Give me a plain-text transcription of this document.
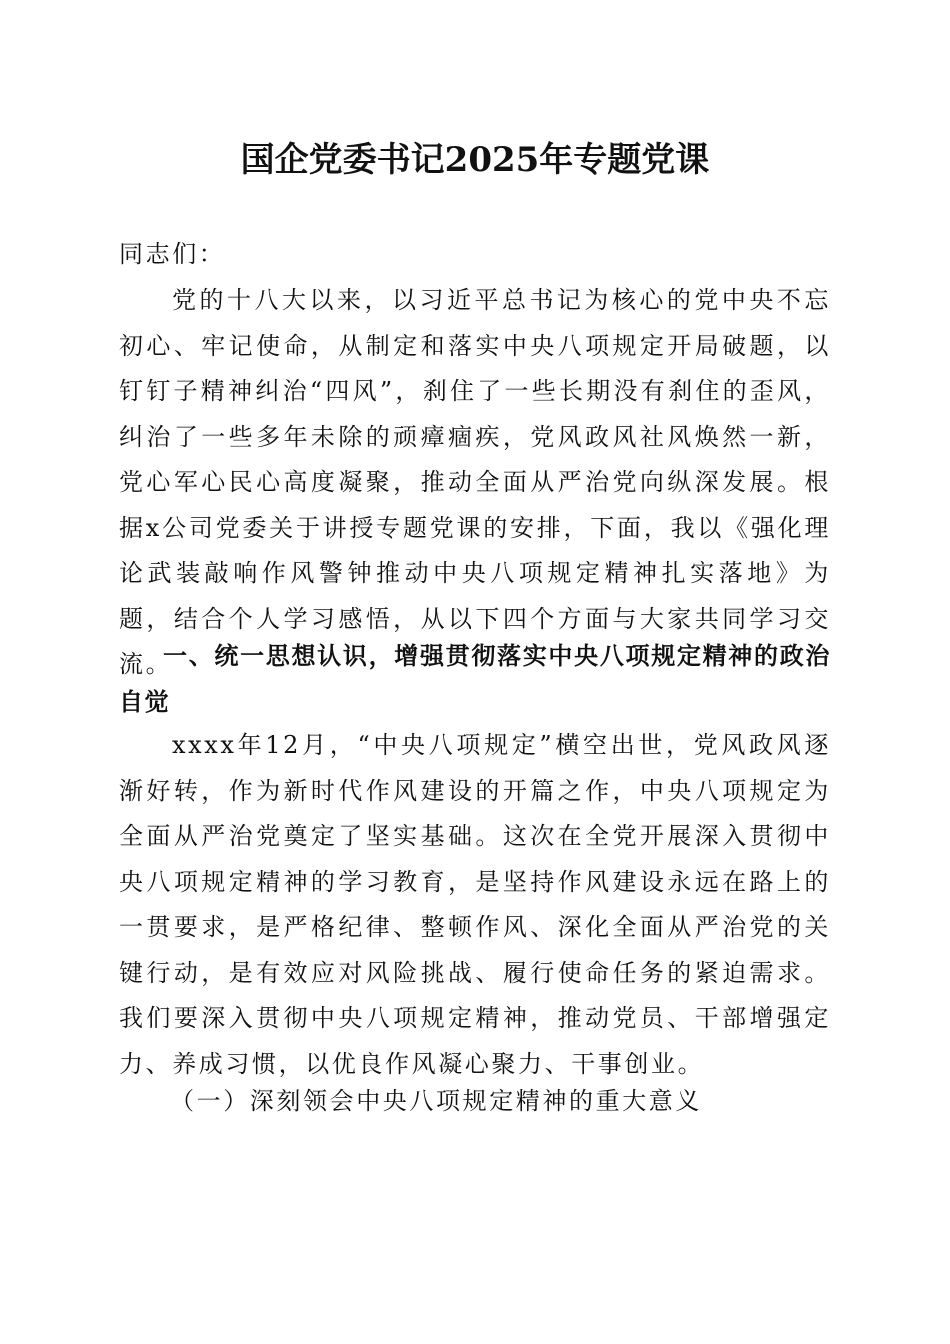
国企党委书记2025年专题党课

同志们：

党的十八大以来，以习近平总书记为核心的党中央不忘初心、牢记使命，从制定和落实中央八项规定开局破题，以钉钉子精神纠治“四风”，刹住了一些长期没有刹住的歪风，纠治了一些多年未除的顽瘴痼疾，党风政风社风焕然一新，党心军心民心高度凝聚，推动全面从严治党向纵深发展。根据x公司党委关于讲授专题党课的安排，下面，我以《强化理论武装敲响作风警钟推动中央八项规定精神扎实落地》为题，结合个人学习感悟，从以下四个方面与大家共同学习交流。

一、统一思想认识，增强贯彻落实中央八项规定精神的政治自觉

xxxx年12月，“中央八项规定”横空出世，党风政风逐渐好转，作为新时代作风建设的开篇之作，中央八项规定为全面从严治党奠定了坚实基础。这次在全党开展深入贯彻中央八项规定精神的学习教育，是坚持作风建设永远在路上的一贯要求，是严格纪律、整顿作风、深化全面从严治党的关键行动，是有效应对风险挑战、履行使命任务的紧迫需求。我们要深入贯彻中央八项规定精神，推动党员、干部增强定力、养成习惯，以优良作风凝心聚力、干事创业。

（一）深刻领会中央八项规定精神的重大意义
